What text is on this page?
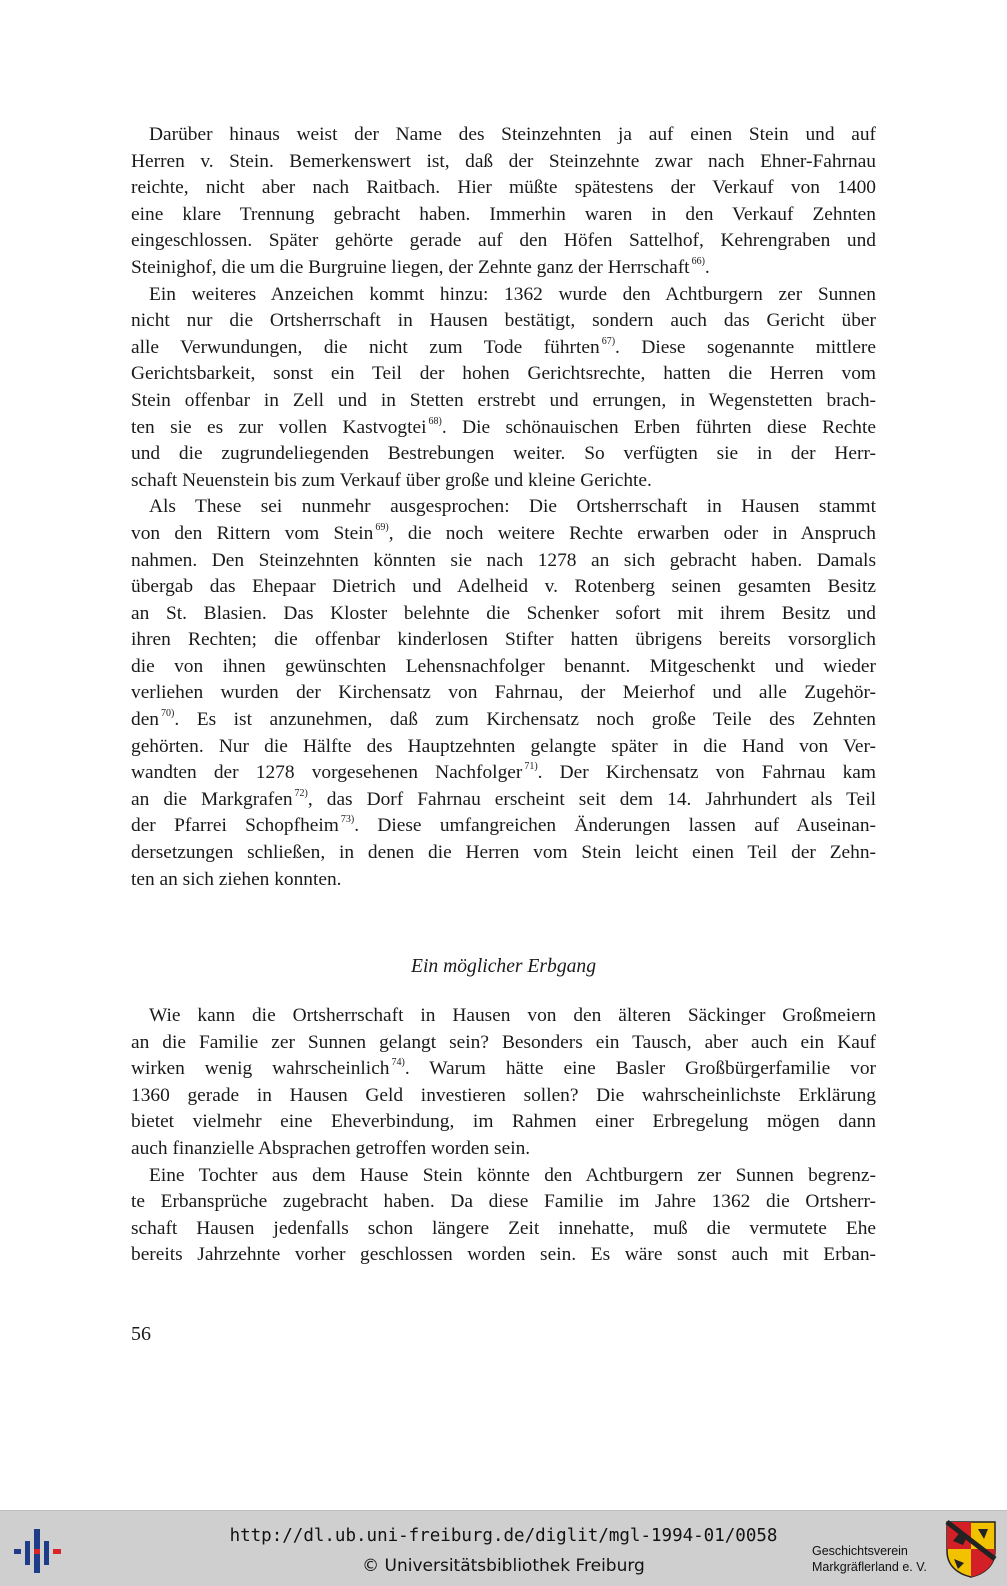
Darüber hinaus weist der Name des Steinzehnten ja auf einen Stein und auf
Herren v. Stein. Bemerkenswert ist, daß der Steinzehnte zwar nach Ehner-Fahrnau
reichte, nicht aber nach Raitbach. Hier müßte spätestens der Verkauf von 1400
eine klare Trennung gebracht haben. Immerhin waren in den Verkauf Zehnten
eingeschlossen. Später gehörte gerade auf den Höfen Sattelhof, Kehrengraben und
Steinighof, die um die Burgruine liegen, der Zehnte ganz der Herrschaft $^{66)}$.
Ein weiteres Anzeichen kommt hinzu: 1362 wurde den Achtburgern zer Sunnen
nicht nur die Ortsherrschaft in Hausen bestätigt, sondern auch das Gericht über
alle Verwundungen, die nicht zum Tode führten $^{67)}$. Diese sogenannte mittlere
Gerichtsbarkeit, sonst ein Teil der hohen Gerichtsrechte, hatten die Herren vom
Stein offenbar in Zell und in Stetten erstrebt und errungen, in Wegenstetten brach-
ten sie es zur vollen Kastvogtei $^{68)}$. Die schönauischen Erben führten diese Rechte
und die zugrundeliegenden Bestrebungen weiter. So verfügten sie in der Herr-
schaft Neuenstein bis zum Verkauf über große und kleine Gerichte.
Als These sei nunmehr ausgesprochen: Die Ortsherrschaft in Hausen stammt
von den Rittern vom Stein $^{69)}$, die noch weitere Rechte erwarben oder in Anspruch
nahmen. Den Steinzehnten könnten sie nach 1278 an sich gebracht haben. Damals
übergab das Ehepaar Dietrich und Adelheid v. Rotenberg seinen gesamten Besitz
an St. Blasien. Das Kloster belehnte die Schenker sofort mit ihrem Besitz und
ihren Rechten; die offenbar kinderlosen Stifter hatten übrigens bereits vorsorglich
die von ihnen gewünschten Lehensnachfolger benannt. Mitgeschenkt und wieder
verliehen wurden der Kirchensatz von Fahrnau, der Meierhof und alle Zugehör-
den $^{70)}$. Es ist anzunehmen, daß zum Kirchensatz noch große Teile des Zehnten
gehörten. Nur die Hälfte des Hauptzehnten gelangte später in die Hand von Ver-
wandten der 1278 vorgesehenen Nachfolger $^{71)}$. Der Kirchensatz von Fahrnau kam
an die Markgrafen $^{72)}$, das Dorf Fahrnau erscheint seit dem 14. Jahrhundert als Teil
der Pfarrei Schopfheim $^{73)}$. Diese umfangreichen Änderungen lassen auf Auseinan-
dersetzungen schließen, in denen die Herren vom Stein leicht einen Teil der Zehn-
ten an sich ziehen konnten.
Ein möglicher Erbgang
Wie kann die Ortsherrschaft in Hausen von den älteren Säckinger Großmeiern
an die Familie zer Sunnen gelangt sein? Besonders ein Tausch, aber auch ein Kauf
wirken wenig wahrscheinlich $^{74)}$. Warum hätte eine Basler Großbürgerfamilie vor
1360 gerade in Hausen Geld investieren sollen? Die wahrscheinlichste Erklärung
bietet vielmehr eine Eheverbindung, im Rahmen einer Erbregelung mögen dann
auch finanzielle Absprachen getroffen worden sein.
Eine Tochter aus dem Hause Stein könnte den Achtburgern zer Sunnen begrenz-
te Erbansprüche zugebracht haben. Da diese Familie im Jahre 1362 die Ortsherr-
schaft Hausen jedenfalls schon längere Zeit innehatte, muß die vermutete Ehe
bereits Jahrzehnte vorher geschlossen worden sein. Es wäre sonst auch mit Erban-
56
http://dl.ub.uni-freiburg.de/diglit/mgl-1994-01/0058
© Universitätsbibliothek Freiburg
Geschichtsverein
Markgräflerland e. V.
